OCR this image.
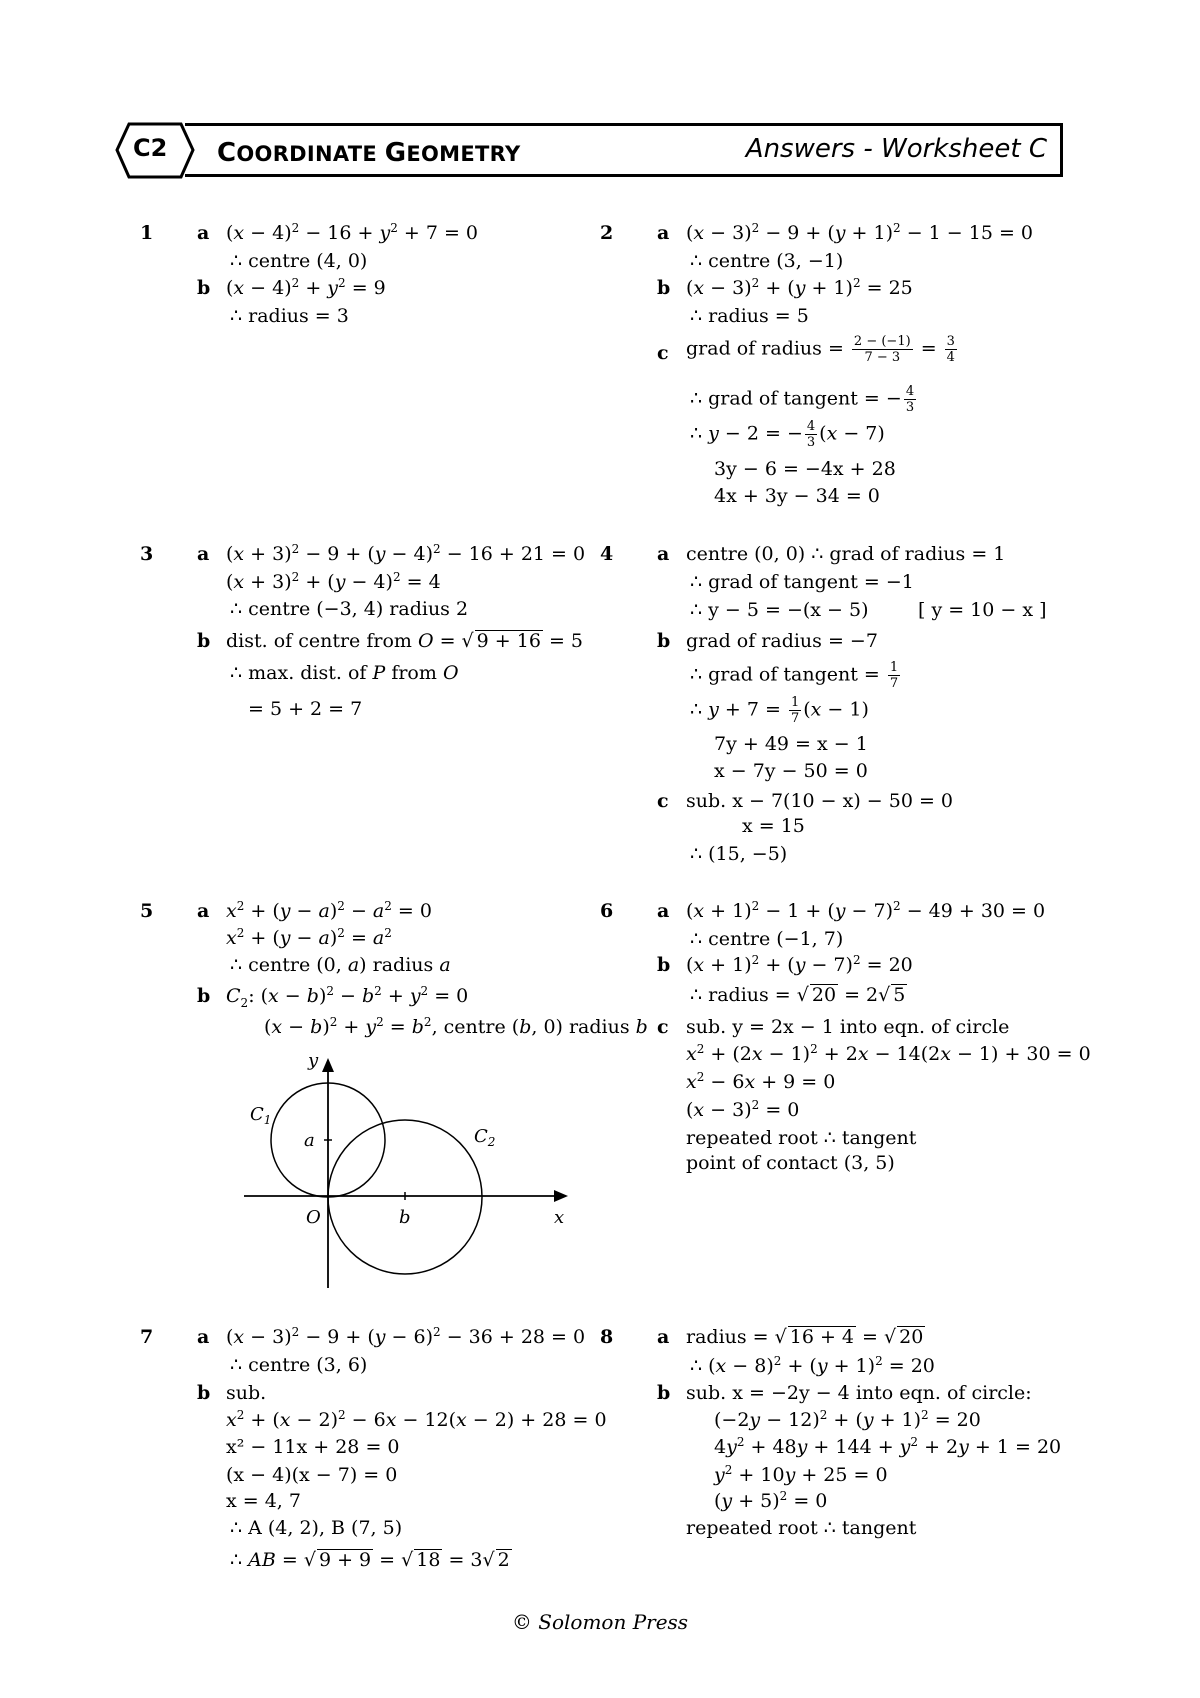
C2 COORDINATE GEOMETRY	Answers - Worksheet C
1 a $(x - 4)^2 - 16 + y^2 + 7 = 0$
∴ centre (4, 0)
b $(x - 4)^2 + y^2 = 9$
∴ radius = 3
2 a $(x - 3)^2 - 9 + (y + 1)^2 - 1 - 15 = 0$
∴ centre (3, −1)
b $(x - 3)^2 + (y + 1)^2 = 25$
∴ radius = 5
c grad of radius = $\frac{2 - (-1)}{7 - 3} = \frac{3}{4}$
∴ grad of tangent = − $\frac{4}{3}$
∴ y − 2 = − $\frac{4}{3} (x - 7)$
3y − 6 = −4x + 28
4x + 3y − 34 = 0
3 a $(x + 3)^2 - 9 + (y - 4)^2 - 16 + 21 = 0$
$(x + 3)^2 + (y - 4)^2 = 4$
∴ centre (−3, 4) radius 2
b dist. of centre from O = √ 9 + 16 = 5
∴ max. dist. of P from O
= 5 + 2 = 7
4 a centre (0, 0) ∴ grad of radius = 1
∴ grad of tangent = −1
∴ y − 5 = −(x − 5)	[ y = 10 − x ]
b grad of radius = −7
∴ grad of tangent = $\frac{1}{7}$
∴ $y + 7 = \frac{1}{7} (x - 1)$
7y + 49 = x − 1
x − 7y − 50 = 0
c sub. x − 7(10 − x) − 50 = 0
x = 15
∴ (15, −5)
5 a $x^2 + (y - a)^2 - a^2 = 0$
$x^2 + (y - a)^2 = a^2$
∴ centre (0, a) radius a
b $C_2$: $(x - b)^2 - b^2 + y^2 = 0$
$(x - b)^2 + y^2 = b^2$, centre (b, 0) radius b
y
x
O
a
b
$C_1$
$C_2$
6 a $(x + 1)^2 - 1 + (y - 7)^2 - 49 + 30 = 0$
∴ centre (−1, 7)
b $(x + 1)^2 + (y - 7)^2 = 20$
∴ radius = √ 20 = 2√ 5
c sub. y = 2x − 1 into eqn. of circle
$x^2 + (2x - 1)^2 + 2x - 14(2x - 1) + 30 = 0$
$x^2 - 6x + 9 = 0$
$(x - 3)^2 = 0$
repeated root ∴ tangent
point of contact (3, 5)
7 a $(x - 3)^2 - 9 + (y - 6)^2 - 36 + 28 = 0$
∴ centre (3, 6)
b sub.
$x^2 + (x - 2)^2 - 6x - 12(x - 2) + 28 = 0$
x² − 11x + 28 = 0
(x − 4)(x − 7) = 0
x = 4, 7
∴ A (4, 2), B (7, 5)
∴ AB = √ 9 + 9 = √ 18 = 3√ 2
8 a radius = √ 16 + 4 = √ 20
∴ $(x - 8)^2 + (y + 1)^2 = 20$
b sub. x = −2y − 4 into eqn. of circle:
$(-2y - 12)^2 + (y + 1)^2 = 20$
$4y^2 + 48y + 144 + y^2 + 2y + 1 = 20$
$y^2 + 10y + 25 = 0$
$(y + 5)^2 = 0$
repeated root ∴ tangent
© Solomon Press
